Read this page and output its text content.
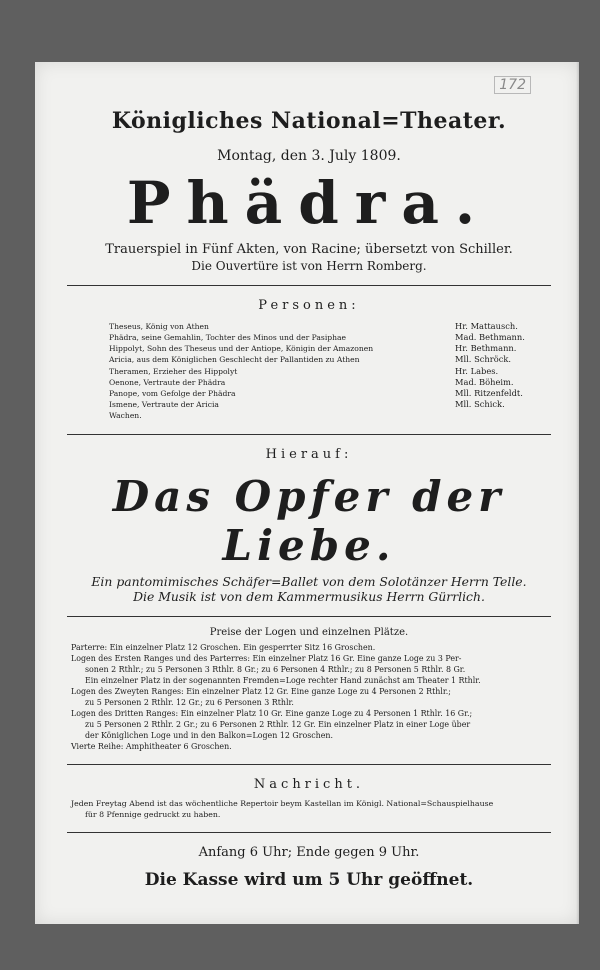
172
Königliches National=Theater.
Montag, den 3. July 1809.
Phädra.
Trauerspiel in Fünf Akten, von Racine; übersetzt von Schiller.
Die Ouvertüre ist von Herrn Romberg.
Personen:
Theseus, König von Athen
Phädra, seine Gemahlin, Tochter des Minos und der Pasiphae
Hippolyt, Sohn des Theseus und der Antiope, Königin der Amazonen
Aricia, aus dem Königlichen Geschlecht der Pallantiden zu Athen
Theramen, Erzieher des Hippolyt
Oenone, Vertraute der Phädra
Panope, vom Gefolge der Phädra
Ismene, Vertraute der Aricia
Wachen.
Hr. Mattausch.
Mad. Bethmann.
Hr. Bethmann.
Mll. Schröck.
Hr. Labes.
Mad. Böheim.
Mll. Ritzenfeldt.
Mll. Schick.
Hierauf:
Das Opfer der Liebe.
Ein pantomimisches Schäfer=Ballet von dem Solotänzer Herrn Telle.
Die Musik ist von dem Kammermusikus Herrn Gürrlich.
Preise der Logen und einzelnen Plätze.
Parterre: Ein einzelner Platz 12 Groschen. Ein gesperrter Sitz 16 Groschen.
Logen des Ersten Ranges und des Parterres: Ein einzelner Platz 16 Gr. Eine ganze Loge zu 3 Per-
sonen 2 Rthlr.; zu 5 Personen 3 Rthlr. 8 Gr.; zu 6 Personen 4 Rthlr.; zu 8 Personen 5 Rthlr. 8 Gr.
Ein einzelner Platz in der sogenannten Fremden=Loge rechter Hand zunächst am Theater 1 Rthlr.
Logen des Zweyten Ranges: Ein einzelner Platz 12 Gr. Eine ganze Loge zu 4 Personen 2 Rthlr.;
zu 5 Personen 2 Rthlr. 12 Gr.; zu 6 Personen 3 Rthlr.
Logen des Dritten Ranges: Ein einzelner Platz 10 Gr. Eine ganze Loge zu 4 Personen 1 Rthlr. 16 Gr.;
zu 5 Personen 2 Rthlr. 2 Gr.; zu 6 Personen 2 Rthlr. 12 Gr. Ein einzelner Platz in einer Loge über
der Königlichen Loge und in den Balkon=Logen 12 Groschen.
Vierte Reihe: Amphitheater 6 Groschen.
Nachricht.
Jeden Freytag Abend ist das wöchentliche Repertoir beym Kastellan im Königl. National=Schauspielhause
für 8 Pfennige gedruckt zu haben.
Anfang 6 Uhr; Ende gegen 9 Uhr.
Die Kasse wird um 5 Uhr geöffnet.
